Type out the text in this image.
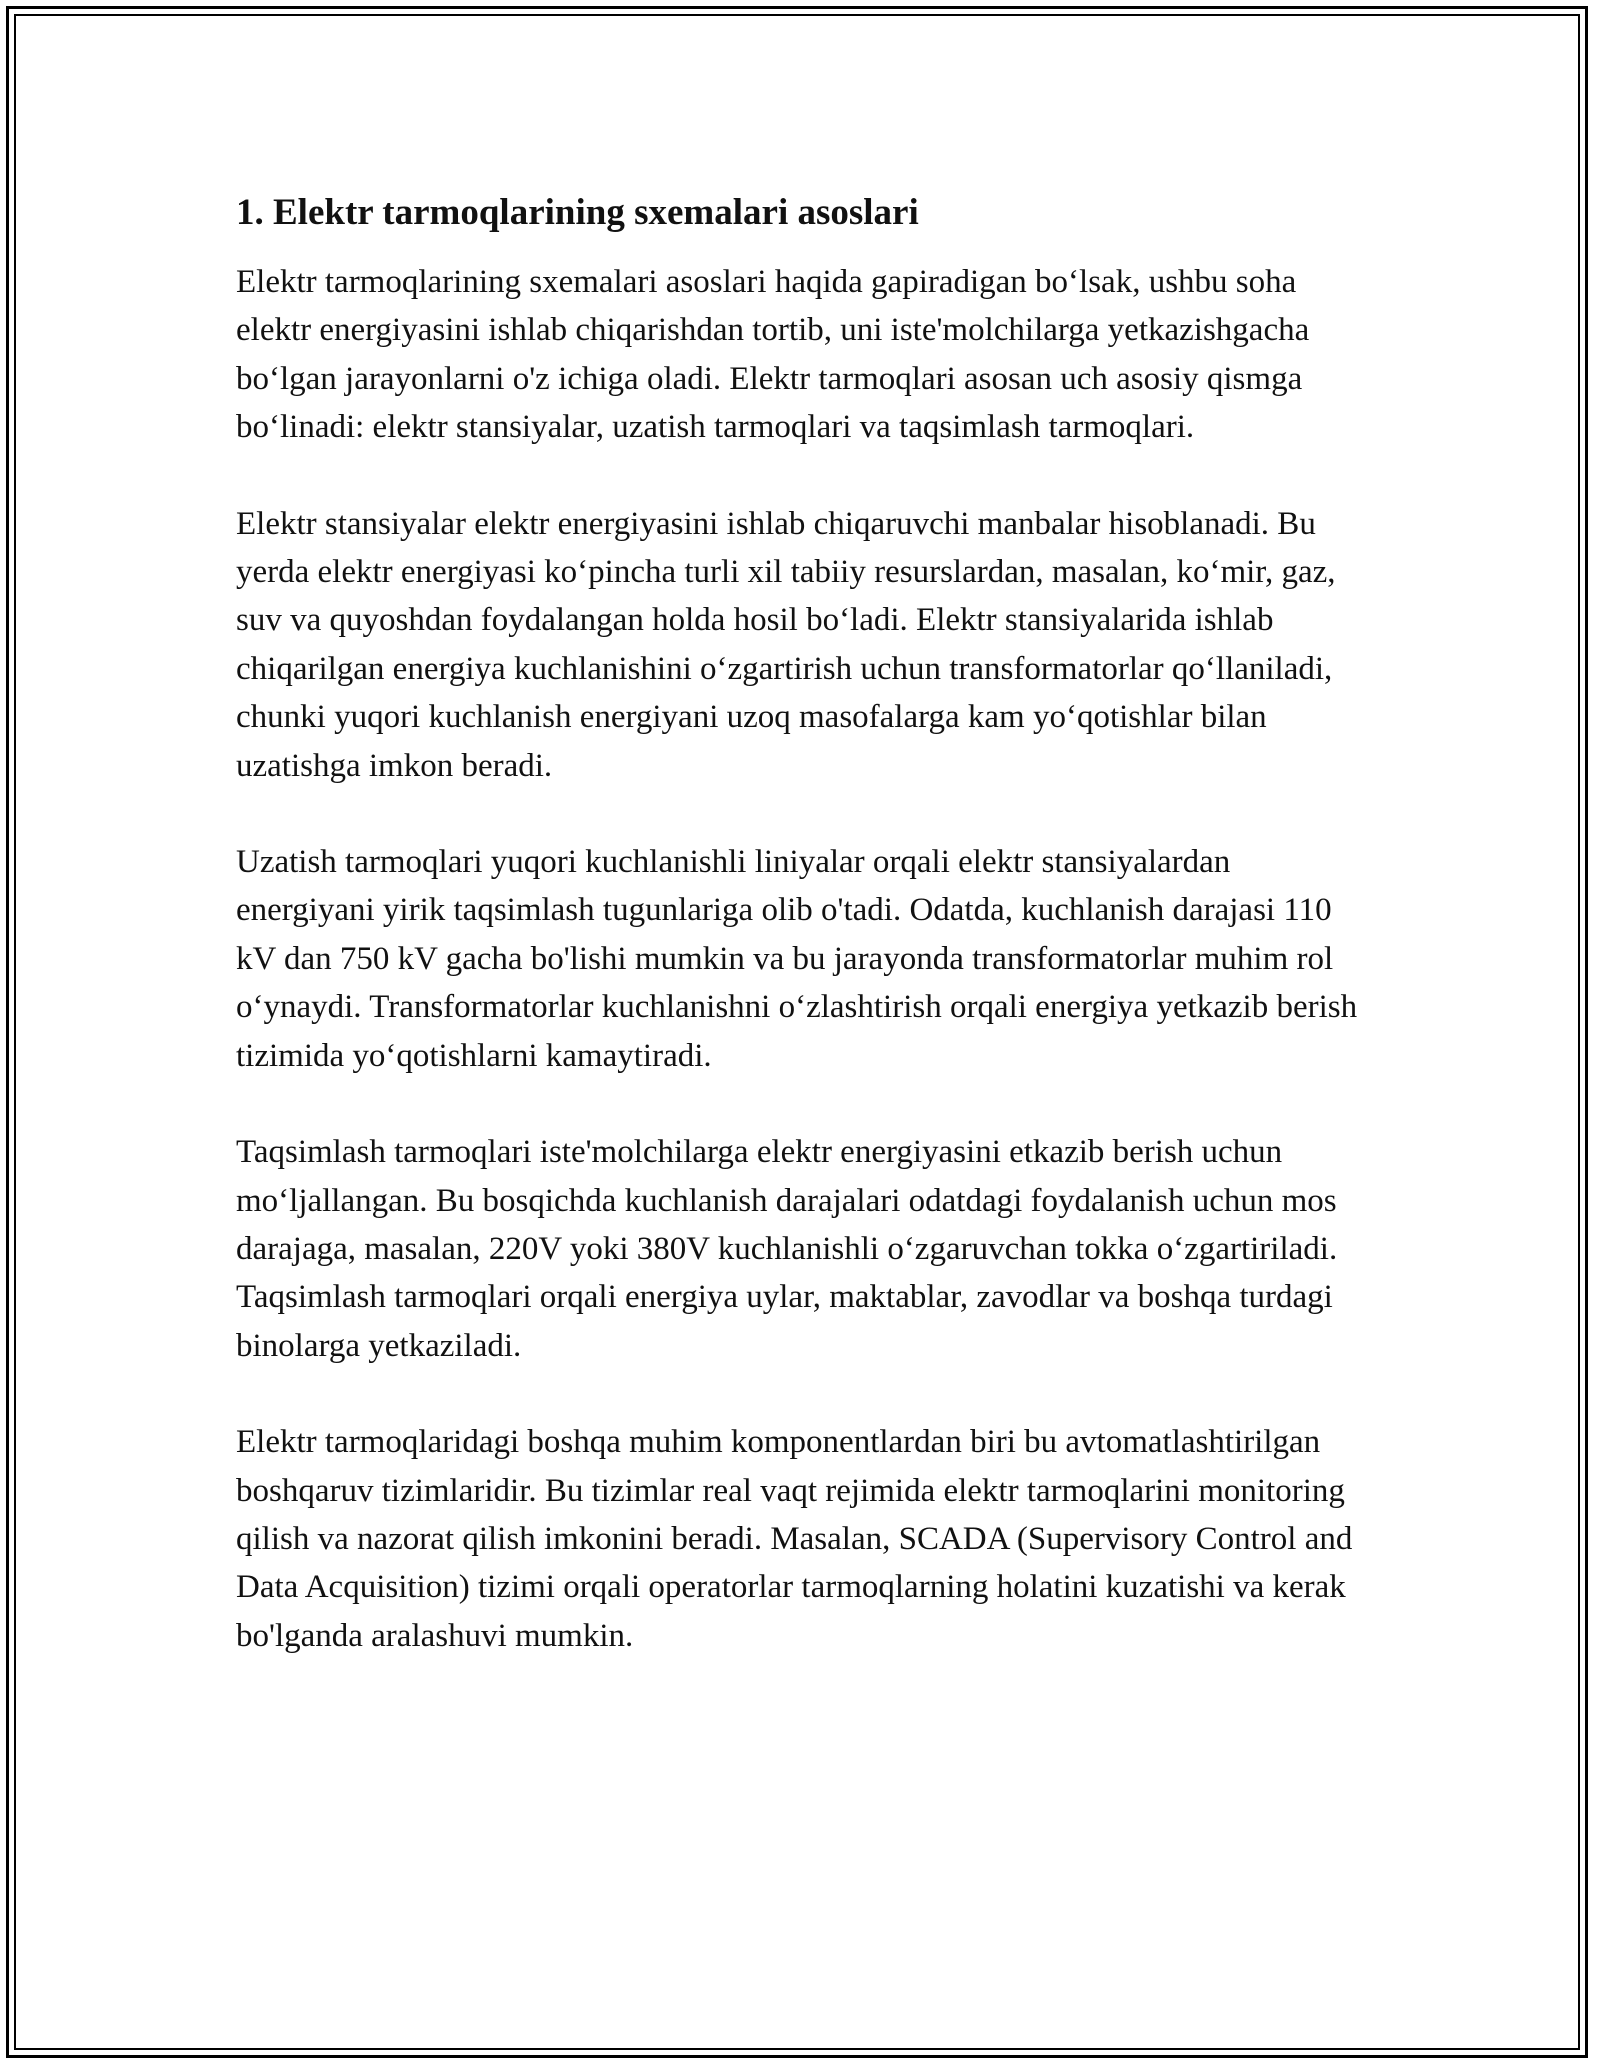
1. Elektr tarmoqlarining sxemalari asoslari

Elektr tarmoqlarining sxemalari asoslari haqida gapiradigan bo‘lsak, ushbu soha elektr energiyasini ishlab chiqarishdan tortib, uni iste'molchilarga yetkazishgacha bo‘lgan jarayonlarni o'z ichiga oladi. Elektr tarmoqlari asosan uch asosiy qismga bo‘linadi: elektr stansiyalar, uzatish tarmoqlari va taqsimlash tarmoqlari.

Elektr stansiyalar elektr energiyasini ishlab chiqaruvchi manbalar hisoblanadi. Bu yerda elektr energiyasi ko‘pincha turli xil tabiiy resurslardan, masalan, ko‘mir, gaz, suv va quyoshdan foydalangan holda hosil bo‘ladi. Elektr stansiyalarida ishlab chiqarilgan energiya kuchlanishini o‘zgartirish uchun transformatorlar qo‘llaniladi, chunki yuqori kuchlanish energiyani uzoq masofalarga kam yo‘qotishlar bilan uzatishga imkon beradi.

Uzatish tarmoqlari yuqori kuchlanishli liniyalar orqali elektr stansiyalardan energiyani yirik taqsimlash tugunlariga olib o'tadi. Odatda, kuchlanish darajasi 110 kV dan 750 kV gacha bo'lishi mumkin va bu jarayonda transformatorlar muhim rol o‘ynaydi. Transformatorlar kuchlanishni o‘zlashtirish orqali energiya yetkazib berish tizimida yo‘qotishlarni kamaytiradi.

Taqsimlash tarmoqlari iste'molchilarga elektr energiyasini etkazib berish uchun mo‘ljallangan. Bu bosqichda kuchlanish darajalari odatdagi foydalanish uchun mos darajaga, masalan, 220V yoki 380V kuchlanishli o‘zgaruvchan tokka o‘zgartiriladi. Taqsimlash tarmoqlari orqali energiya uylar, maktablar, zavodlar va boshqa turdagi binolarga yetkaziladi.

Elektr tarmoqlaridagi boshqa muhim komponentlardan biri bu avtomatlashtirilgan boshqaruv tizimlaridir. Bu tizimlar real vaqt rejimida elektr tarmoqlarini monitoring qilish va nazorat qilish imkonini beradi. Masalan, SCADA (Supervisory Control and Data Acquisition) tizimi orqali operatorlar tarmoqlarning holatini kuzatishi va kerak bo'lganda aralashuvi mumkin.
